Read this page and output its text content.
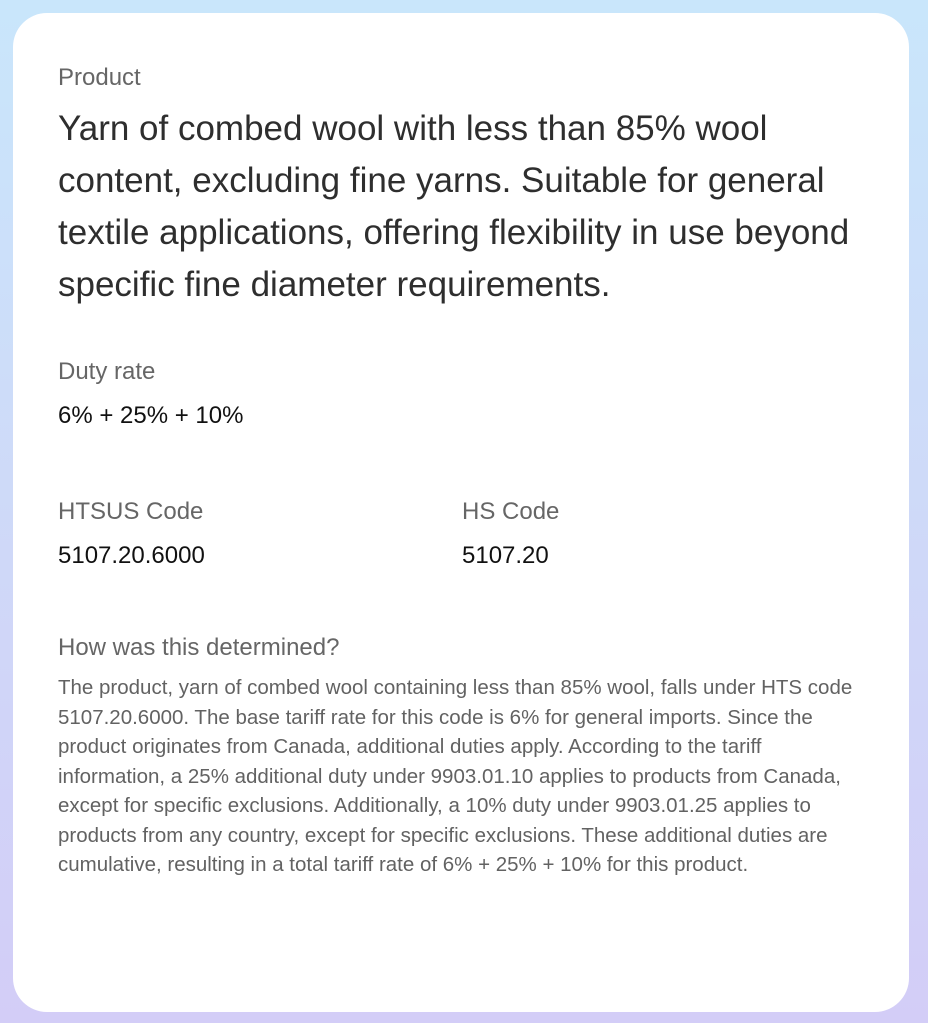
Product
Yarn of combed wool with less than 85% wool content, excluding fine yarns. Suitable for general textile applications, offering flexibility in use beyond specific fine diameter requirements.
Duty rate
6% + 25% + 10%
HTSUS Code
5107.20.6000
HS Code
5107.20
How was this determined?
The product, yarn of combed wool containing less than 85% wool, falls under HTS code 5107.20.6000. The base tariff rate for this code is 6% for general imports. Since the product originates from Canada, additional duties apply. According to the tariff information, a 25% additional duty under 9903.01.10 applies to products from Canada, except for specific exclusions. Additionally, a 10% duty under 9903.01.25 applies to products from any country, except for specific exclusions. These additional duties are cumulative, resulting in a total tariff rate of 6% + 25% + 10% for this product.
